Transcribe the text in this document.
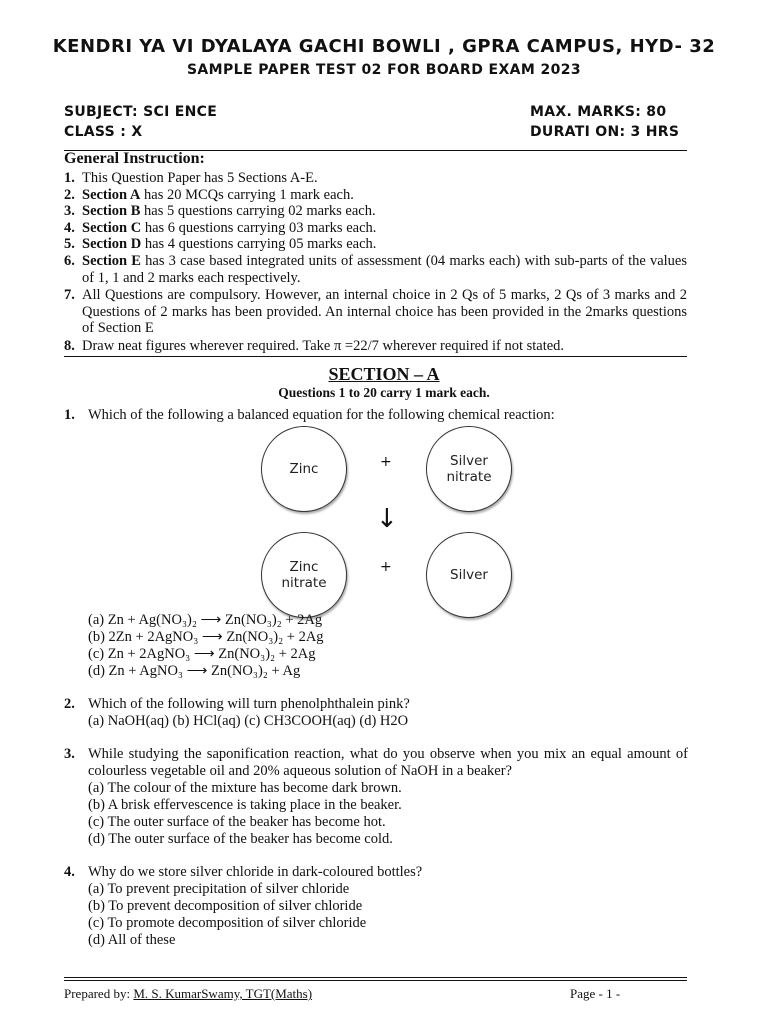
KENDRI YA VI DYALAYA GACHI BOWLI , GPRA CAMPUS, HYD- 32
SAMPLE PAPER TEST 02 FOR BOARD EXAM 2023
SUBJECT: SCI ENCE
CLASS : X
MAX. MARKS: 80
DURATI ON: 3 HRS
General Instruction:
1. This Question Paper has 5 Sections A-E.
2. Section A has 20 MCQs carrying 1 mark each.
3. Section B has 5 questions carrying 02 marks each.
4. Section C has 6 questions carrying 03 marks each.
5. Section D has 4 questions carrying 05 marks each.
6. Section E has 3 case based integrated units of assessment (04 marks each) with sub-parts of the values of 1, 1 and 2 marks each respectively.
7. All Questions are compulsory. However, an internal choice in 2 Qs of 5 marks, 2 Qs of 3 marks and 2 Questions of 2 marks has been provided. An internal choice has been provided in the 2marks questions of Section E
8. Draw neat figures wherever required. Take π =22/7 wherever required if not stated.
SECTION – A
Questions 1 to 20 carry 1 mark each.
1. Which of the following a balanced equation for the following chemical reaction:
Zinc	+	Silver
nitrate
↓
Zinc
nitrate
+	Silver
(a) Zn + Ag(NO₃)₂ ⟶ Zn(NO₃)₂ + 2Ag
(b) 2Zn + 2AgNO₃ ⟶ Zn(NO₃)₂ + 2Ag
(c) Zn + 2AgNO₃ ⟶ Zn(NO₃)₂ + 2Ag
(d) Zn + AgNO₃ ⟶ Zn(NO₃)₂ + Ag
2. Which of the following will turn phenolphthalein pink?
(a) NaOH(aq) (b) HCl(aq) (c) CH3COOH(aq) (d) H2O
3. While studying the saponification reaction, what do you observe when you mix an equal amount of colourless vegetable oil and 20% aqueous solution of NaOH in a beaker?
(a) The colour of the mixture has become dark brown.
(b) A brisk effervescence is taking place in the beaker.
(c) The outer surface of the beaker has become hot.
(d) The outer surface of the beaker has become cold.
4. Why do we store silver chloride in dark-coloured bottles?
(a) To prevent precipitation of silver chloride
(b) To prevent decomposition of silver chloride
(c) To promote decomposition of silver chloride
(d) All of these
Prepared by: M. S. KumarSwamy, TGT(Maths)	Page - 1 -
